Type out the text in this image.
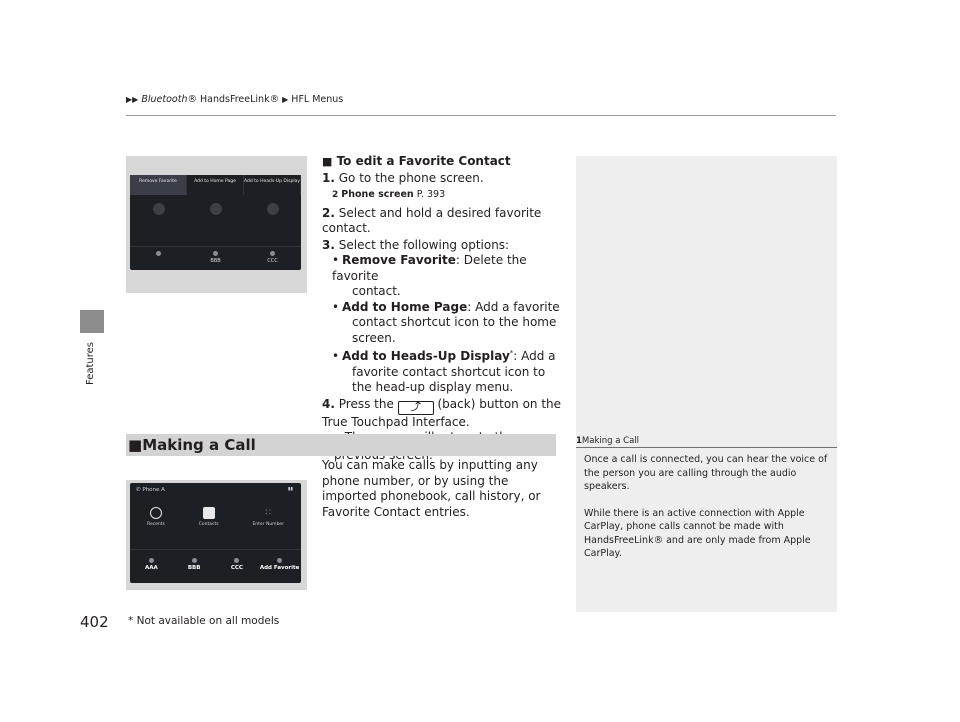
▶▶ Bluetooth® HandsFreeLink® ▶ HFL Menus
Features
Remove Favorite	Add to Home Page	Add to Heads-Up Display
BBB	CCC
■ To edit a Favorite Contact
1. Go to the phone screen.
2 Phone screen P. 393
2. Select and hold a desired favorite contact.
3. Select the following options:
• Remove Favorite: Delete the favorite
contact.
• Add to Home Page: Add a favorite
contact shortcut icon to the home screen.
• Add to Heads-Up Display*: Add a
favorite contact shortcut icon to the head-up display menu.
4. Press the ⤴ (back) button on the True Touchpad Interface.
■Making a Call
You can make calls by inputting any phone number, or by using the imported phonebook, call history, or Favorite Contact entries.
✆ Phone A	▮▮
Recents	Contacts
∷
Enter Number
AAA	BBB	CCC	Add Favorite
1Making a Call

Once a call is connected, you can hear the voice of the person you are calling through the audio speakers.

While there is an active connection with Apple CarPlay, phone calls cannot be made with HandsFreeLink® and are only made from Apple CarPlay.

402 * Not available on all models
